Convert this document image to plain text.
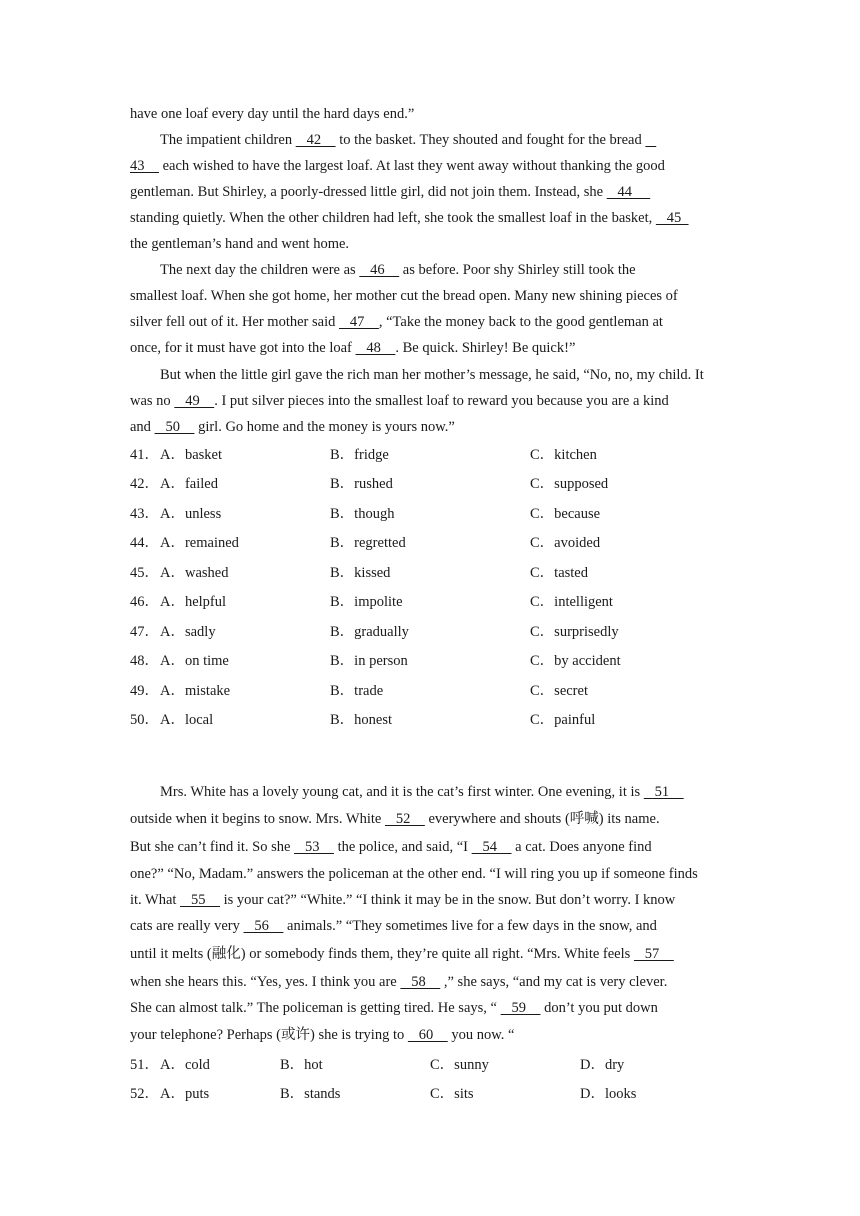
have one loaf every day until the hard days end.”
The impatient children    42     to the basket. They shouted and fought for the bread
43     each wished to have the largest loaf. At last they went away without thanking the good
gentleman. But Shirley, a poorly-dressed little girl, did not join them. Instead, she    44
standing quietly. When the other children had left, she took the smallest loaf in the basket,    45
the gentleman’s hand and went home.
The next day the children were as    46     as before. Poor shy Shirley still took the
smallest loaf. When she got home, her mother cut the bread open. Many new shining pieces of
silver fell out of it. Her mother said    47    , “Take the money back to the good gentleman at
once, for it must have got into the loaf    48    . Be quick. Shirley! Be quick!”
But when the little girl gave the rich man her mother’s message, he said, “No, no, my child. It
was no    49    . I put silver pieces into the smallest loaf to reward you because you are a kind
and    50     girl. Go home and the money is yours now.”
41． A．basket	B．fridge	C．kitchen
42． A．failed	B．rushed	C．supposed
43． A．unless	B．though	C．because
44． A．remained	B．regretted	C．avoided
45． A．washed	B．kissed	C．tasted
46． A．helpful	B．impolite	C．intelligent
47． A．sadly	B．gradually	C．surprisedly
48． A．on time	B．in person	C．by accident
49． A．mistake	B．trade	C．secret
50． A．local	B．honest	C．painful
Mrs. White has a lovely young cat, and it is the cat’s first winter. One evening, it is    51
outside when it begins to snow. Mrs. White    52     everywhere and shouts (呼喊) its name.
But she can’t find it. So she    53     the police, and said, “I    54     a cat. Does anyone find
one?” “No, Madam.” answers the policeman at the other end. “I will ring you up if someone finds
it. What    55     is your cat?” “White.” “I think it may be in the snow. But don’t worry. I know
cats are really very    56     animals.” “They sometimes live for a few days in the snow, and
until it melts (融化) or somebody finds them, they’re quite all right. “Mrs. White feels    57
when she hears this. “Yes, yes. I think you are    58     ,” she says, “and my cat is very clever.
She can almost talk.” The policeman is getting tired. He says, “    59     don’t you put down
your telephone? Perhaps (或许) she is trying to    60     you now. “
51． A．cold	B．hot	C．sunny	D．dry
52． A．puts	B．stands	C．sits	D．looks
